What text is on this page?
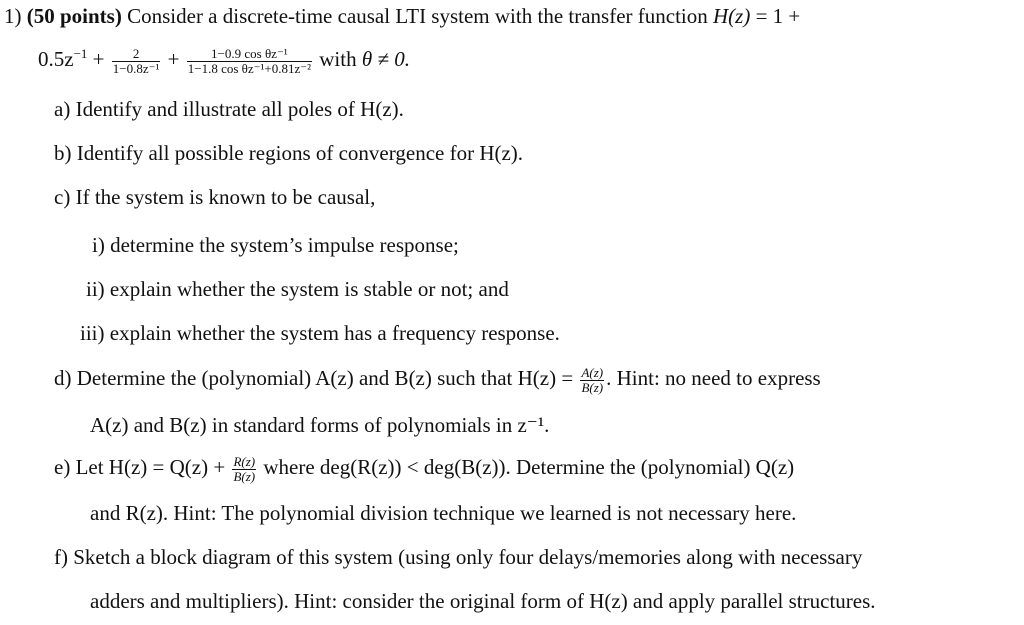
1) (50 points) Consider a discrete-time causal LTI system with the transfer function H(z) = 1 +
$0.5z^{-1} + \frac{2}{\text{1−0.8z⁻¹}} + \frac{\text{1−0.9 cos θz⁻¹}}{\text{1−1.8 cos θz⁻¹+0.81z⁻²}}$ with θ ≠ 0.
a) Identify and illustrate all poles of H(z).
b) Identify all possible regions of convergence for H(z).
c) If the system is known to be causal,
i) determine the system’s impulse response;
ii) explain whether the system is stable or not; and
iii) explain whether the system has a frequency response.
d) Determine the (polynomial) A(z) and B(z) such that $H(z) = \frac{A(z)}{B(z)}$ . Hint: no need to express
A(z) and B(z) in standard forms of polynomials in z⁻¹.
e) Let $H(z) = Q(z) + \frac{R(z)}{B(z)}$ where deg(R(z)) < deg(B(z)). Determine the (polynomial) Q(z)
and R(z). Hint: The polynomial division technique we learned is not necessary here.
f) Sketch a block diagram of this system (using only four delays/memories along with necessary
adders and multipliers). Hint: consider the original form of H(z) and apply parallel structures.
